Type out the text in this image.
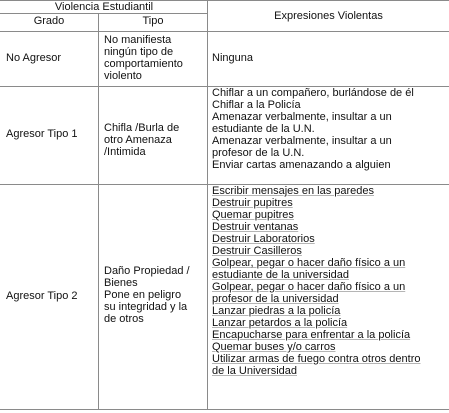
Violencia Estudiantil
Grado	Tipo	Expresiones Violentas
No Agresor
No manifiesta
ningún tipo de
comportamiento
violento
Ninguna
Agresor Tipo 1 Chifla /Burla de
otro Amenaza
/Intimida
Chiflar a un compañero, burlándose de él
Chiflar a la Policía
Amenazar verbalmente, insultar a un
estudiante de la U.N.
Amenazar verbalmente, insultar a un
profesor de la U.N.
Enviar cartas amenazando a alguien
Agresor Tipo 2
Daño Propiedad /
Bienes
Pone en peligro
su integridad y la
de otros
Escribir mensajes en las paredes
Destruir pupitres
Quemar pupitres
Destruir ventanas
Destruir Laboratorios
Destruir Casilleros
Golpear, pegar o hacer daño físico a un
estudiante de la universidad
Golpear, pegar o hacer daño físico a un
profesor de la universidad
Lanzar piedras a la policía
Lanzar petardos a la policía
Encapucharse para enfrentar a la policía
Quemar buses y/o carros
Utilizar armas de fuego contra otros dentro
de la Universidad
